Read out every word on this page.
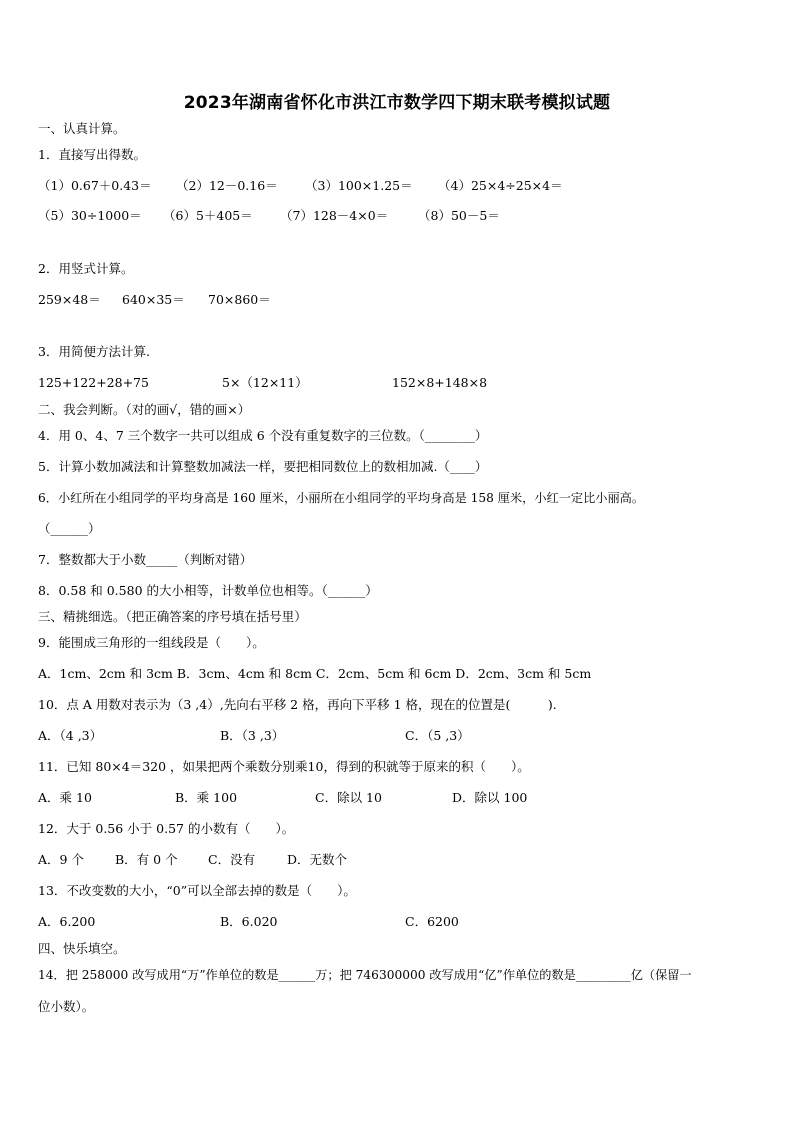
2023年湖南省怀化市洪江市数学四下期末联考模拟试题
一、认真计算。
1．直接写出得数。
（1）0.67＋0.43＝ （2）12－0.16＝ （3）100×1.25＝ （4）25×4÷25×4＝
（5）30÷1000＝ （6）5＋405＝ （7）128－4×0＝ （8）50－5＝
2．用竖式计算。
259×48＝ 640×35＝ 70×860＝
3．用简便方法计算.
125+122+28+75	5×（12×11）	152×8+148×8
二、我会判断。（对的画√，错的画×）
4．用 0、4、7 三个数字一共可以组成 6 个没有重复数字的三位数。（________）
5．计算小数加减法和计算整数加减法一样，要把相同数位上的数相加减.（____）
6．小红所在小组同学的平均身高是 160 厘米，小丽所在小组同学的平均身高是 158 厘米，小红一定比小丽高。
（______）
7．整数都大于小数_____（判断对错）
8．0.58 和 0.580 的大小相等，计数单位也相等。（______）
三、精挑细选。（把正确答案的序号填在括号里）
9．能围成三角形的一组线段是（　　）。
A．1cm、2cm 和 3cm B．3cm、4cm 和 8cm C．2cm、5cm 和 6cm D．2cm、3cm 和 5cm
10．点 A 用数对表示为（3 ,4）,先向右平移 2 格，再向下平移 1 格，现在的位置是(　　　).
A．（4 ,3）	B．（3 ,3）	C．（5 ,3）
11．已知 80×4＝320 ，如果把两个乘数分别乘10，得到的积就等于原来的积（　　）。
A．乘 10	B．乘 100	C．除以 10	D．除以 100
12．大于 0.56 小于 0.57 的小数有（　　）。
A．9 个 B．有 0 个 C．没有	D．无数个
13．不改变数的大小，“0”可以全部去掉的数是（　　）。
A．6.200	B．6.020	C．6200
四、快乐填空。
14．把 258000 改写成用“万”作单位的数是______万；把 746300000 改写成用“亿”作单位的数是_________亿（保留一
位小数）。
